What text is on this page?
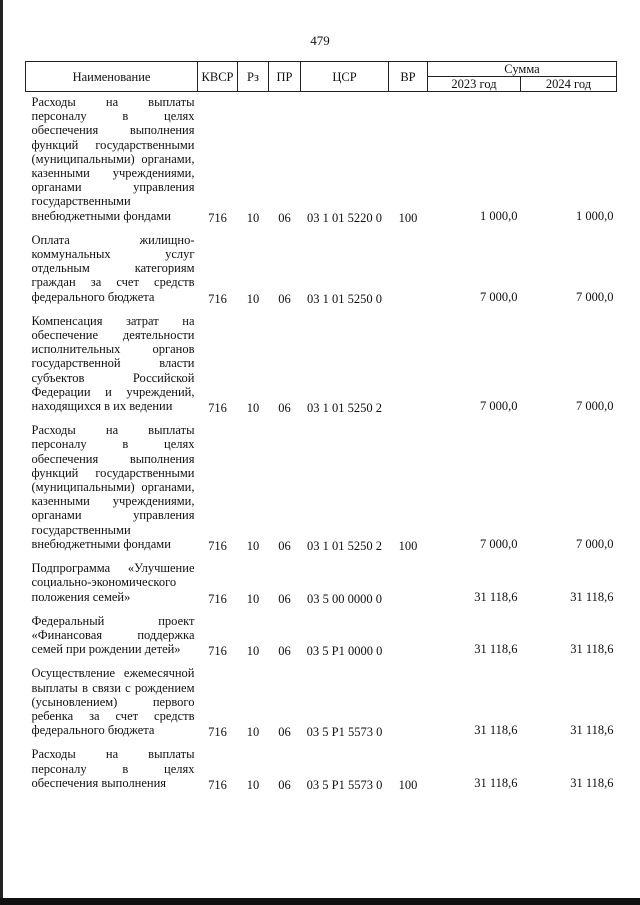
479
Наименование	КВСР	Рз	ПР	ЦСР	ВР	Сумма	
						2023 год	2024 год
Расходы на выплаты персоналу в целях обеспечения выполнения функций государственными (муниципальными) органами, казенными учреждениями, органами управления государственными внебюджетными фондами	716	10	06	03 1 01 5220 0	100	1 000,0	1 000,0
Оплата жилищно-коммунальных услуг отдельным категориям граждан за счет средств федерального бюджета	716	10	06	03 1 01 5250 0		7 000,0	7 000,0
Компенсация затрат на обеспечение деятельности исполнительных органов государственной власти субъектов Российской Федерации и учреждений, находящихся в их ведении	716	10	06	03 1 01 5250 2		7 000,0	7 000,0
Расходы на выплаты персоналу в целях обеспечения выполнения функций государственными (муниципальными) органами, казенными учреждениями, органами управления государственными внебюджетными фондами	716	10	06	03 1 01 5250 2	100	7 000,0	7 000,0
Подпрограмма «Улучшение социально-экономического положения семей»	716	10	06	03 5 00 0000 0		31 118,6	31 118,6
Федеральный проект «Финансовая поддержка семей при рождении детей»	716	10	06	03 5 P1 0000 0		31 118,6	31 118,6
Осуществление ежемесячной выплаты в связи с рождением (усыновлением) первого ребенка за счет средств федерального бюджета	716	10	06	03 5 P1 5573 0		31 118,6	31 118,6
Расходы на выплаты персоналу в целях обеспечения выполнения	716	10	06	03 5 P1 5573 0	100	31 118,6	31 118,6
